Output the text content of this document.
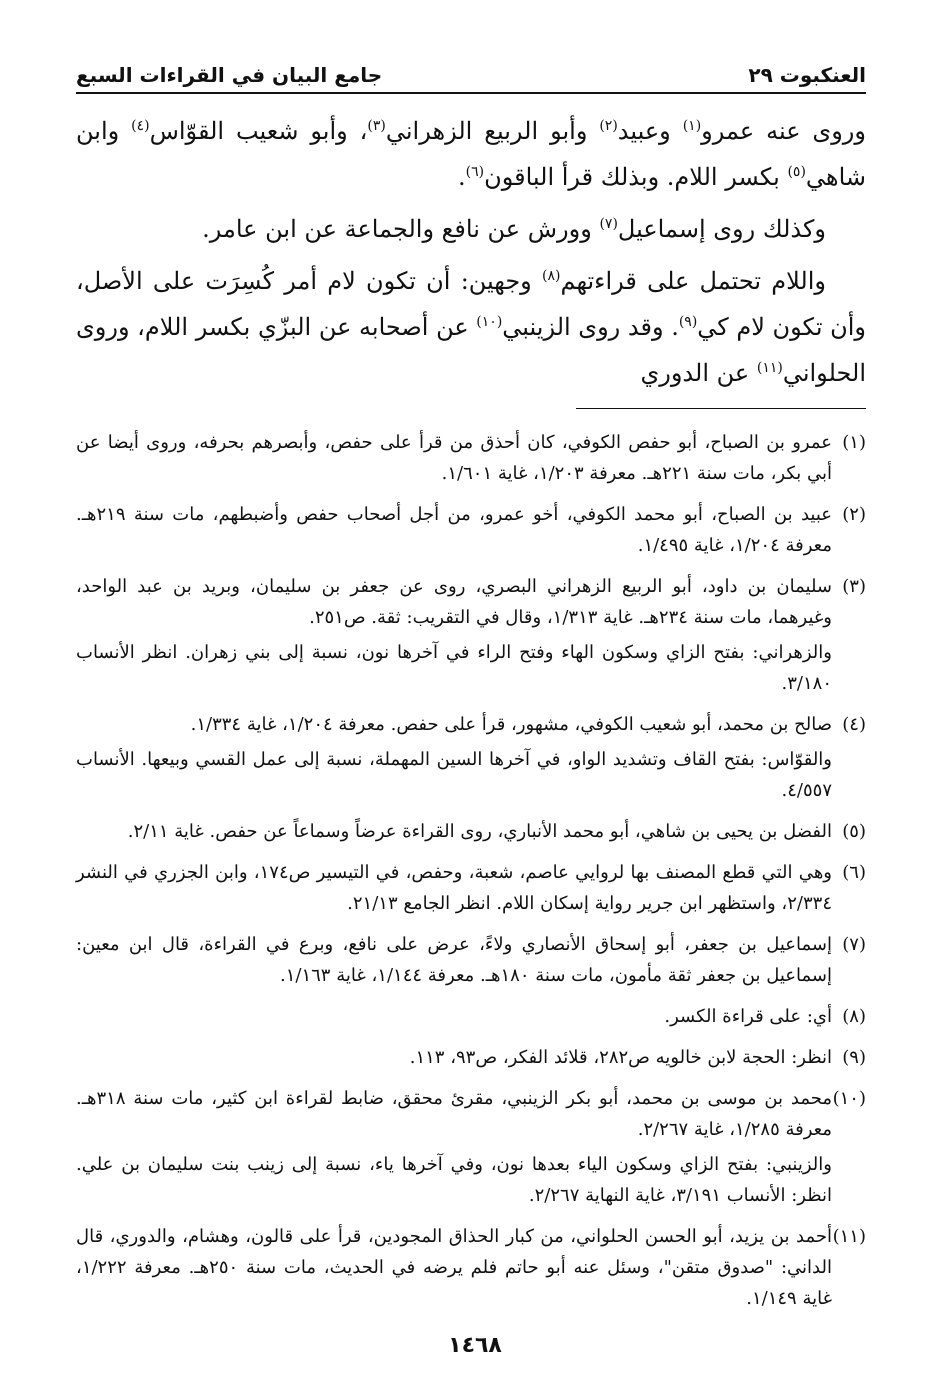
العنكبوت ٢٩
جامع البيان في القراءات السبع

وروى عنه عمرو$^{(١)}$ وعبيد$^{(٢)}$ وأبو الربيع الزهراني$^{(٣)}$، وأبو شعيب القوّاس$^{(٤)}$ وابن شاهي$^{(٥)}$ بكسر اللام. وبذلك قرأ الباقون$^{(٦)}$.

وكذلك روى إسماعيل$^{(٧)}$ وورش عن نافع والجماعة عن ابن عامر.

واللام تحتمل على قراءتهم$^{(٨)}$ وجهين: أن تكون لام أمر كُسِرَت على الأصل، وأن تكون لام كي$^{(٩)}$. وقد روى الزينبي$^{(١٠)}$ عن أصحابه عن البزّي بكسر اللام، وروى الحلواني$^{(١١)}$ عن الدوري

(١)

عمرو بن الصباح، أبو حفص الكوفي، كان أحذق من قرأ على حفص، وأبصرهم بحرفه، وروى أيضا عن أبي بكر، مات سنة ٢٢١هـ. معرفة ١/٢٠٣، غاية ١/٦٠١.

(٢)

عبيد بن الصباح، أبو محمد الكوفي، أخو عمرو، من أجل أصحاب حفص وأضبطهم، مات سنة ٢١٩هـ. معرفة ١/٢٠٤، غاية ١/٤٩٥.

(٣)

سليمان بن داود، أبو الربيع الزهراني البصري، روى عن جعفر بن سليمان، وبريد بن عبد الواحد، وغيرهما، مات سنة ٢٣٤هـ. غاية ١/٣١٣، وقال في التقريب: ثقة. ص٢٥١.

والزهراني: بفتح الزاي وسكون الهاء وفتح الراء في آخرها نون، نسبة إلى بني زهران. انظر الأنساب ٣/١٨٠.

(٤)

صالح بن محمد، أبو شعيب الكوفي، مشهور، قرأ على حفص. معرفة ١/٢٠٤، غاية ١/٣٣٤.

والقوّاس: بفتح القاف وتشديد الواو، في آخرها السين المهملة، نسبة إلى عمل القسي وبيعها. الأنساب ٤/٥٥٧.

(٥)

الفضل بن يحيى بن شاهي، أبو محمد الأنباري، روى القراءة عرضاً وسماعاً عن حفص. غاية ٢/١١.

(٦)

وهي التي قطع المصنف بها لروايي عاصم، شعبة، وحفص، في التيسير ص١٧٤، وابن الجزري في النشر ٢/٣٣٤، واستظهر ابن جرير رواية إسكان اللام. انظر الجامع ٢١/١٣.

(٧)

إسماعيل بن جعفر، أبو إسحاق الأنصاري ولاءً، عرض على نافع، وبرع في القراءة، قال ابن معين: إسماعيل بن جعفر ثقة مأمون، مات سنة ١٨٠هـ. معرفة ١/١٤٤، غاية ١/١٦٣.

(٨)

أي: على قراءة الكسر.

(٩)

انظر: الحجة لابن خالويه ص٢٨٢، قلائد الفكر، ص٩٣، ١١٣.

(١٠)

محمد بن موسى بن محمد، أبو بكر الزينبي، مقرئ محقق، ضابط لقراءة ابن كثير، مات سنة ٣١٨هـ. معرفة ١/٢٨٥، غاية ٢/٢٦٧.

والزينبي: بفتح الزاي وسكون الياء بعدها نون، وفي آخرها ياء، نسبة إلى زينب بنت سليمان بن علي. انظر: الأنساب ٣/١٩١، غاية النهاية ٢/٢٦٧.

(١١)

أحمد بن يزيد، أبو الحسن الحلواني، من كبار الحذاق المجودين، قرأ على قالون، وهشام، والدوري، قال الداني: "صدوق متقن"، وسئل عنه أبو حاتم فلم يرضه في الحديث، مات سنة ٢٥٠هـ. معرفة ١/٢٢٢، غاية ١/١٤٩.

١٤٦٨
